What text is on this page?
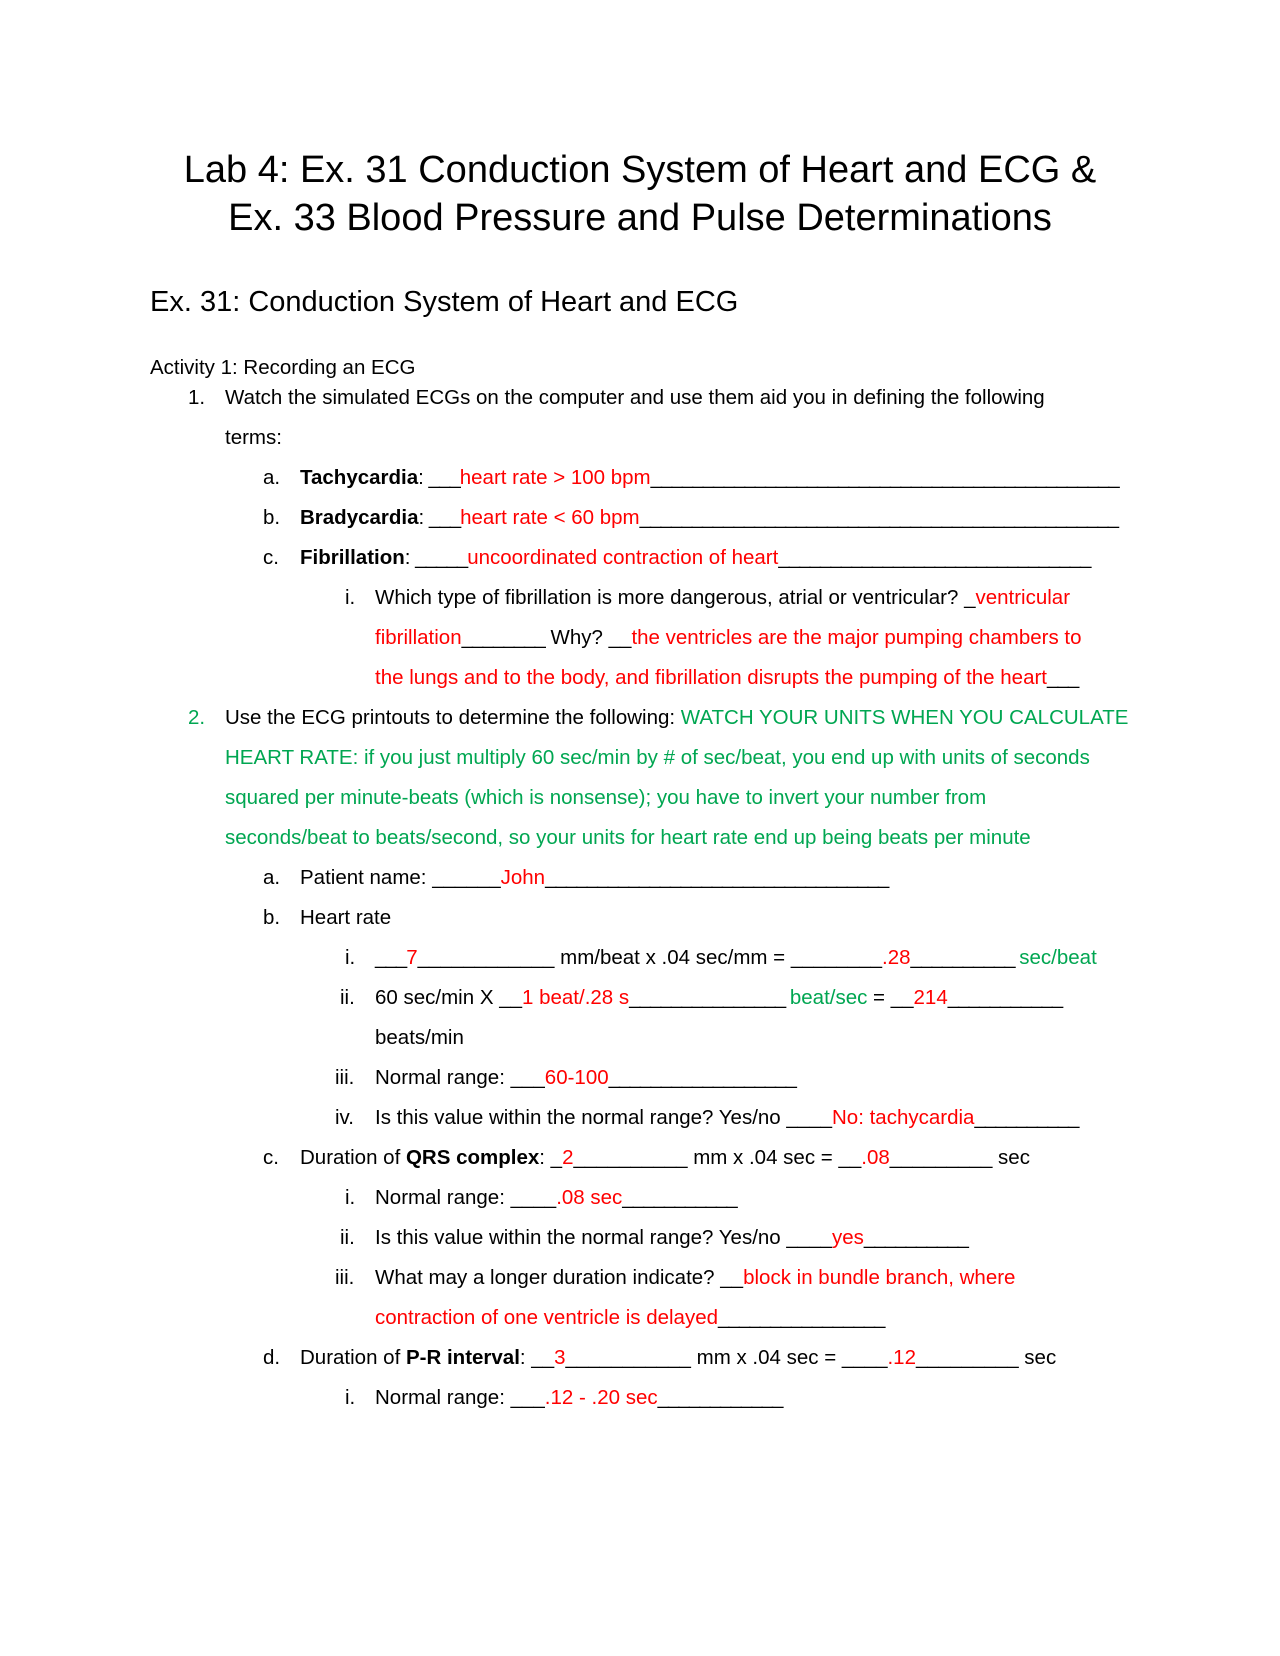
Lab 4: Ex. 31 Conduction System of Heart and ECG &
Ex. 33 Blood Pressure and Pulse Determinations
Ex. 31: Conduction System of Heart and ECG
Activity 1: Recording an ECG
1. Watch the simulated ECGs on the computer and use them aid you in defining the following
terms:
a. Tachycardia: ___heart rate > 100 bpm_____________________________________________
b. Bradycardia: ___heart rate < 60 bpm______________________________________________
c. Fibrillation: _____uncoordinated contraction of heart______________________________
i. Which type of fibrillation is more dangerous, atrial or ventricular? _ventricular
fibrillation________ Why? __the ventricles are the major pumping chambers to
the lungs and to the body, and fibrillation disrupts the pumping of the heart___
2. Use the ECG printouts to determine the following: WATCH YOUR UNITS WHEN YOU CALCULATE
HEART RATE: if you just multiply 60 sec/min by # of sec/beat, you end up with units of seconds
squared per minute-beats (which is nonsense); you have to invert your number from
seconds/beat to beats/second, so your units for heart rate end up being beats per minute
a. Patient name: ______John_________________________________
b. Heart rate
i. ___7____________ mm/beat x .04 sec/mm = ________.28__________ sec/beat
ii. 60 sec/min X __1 beat/.28 s_______________ beat/sec = __214___________
beats/min
iii. Normal range: ___60-100__________________
iv. Is this value within the normal range? Yes/no ____No: tachycardia__________
c. Duration of QRS complex: _2__________ mm x .04 sec = __.08_________ sec
i. Normal range: ____.08 sec___________
ii. Is this value within the normal range? Yes/no ____yes__________
iii. What may a longer duration indicate? __block in bundle branch, where
contraction of one ventricle is delayed________________
d. Duration of P-R interval: __3___________ mm x .04 sec = ____.12_________ sec
i. Normal range: ___.12 - .20 sec____________
